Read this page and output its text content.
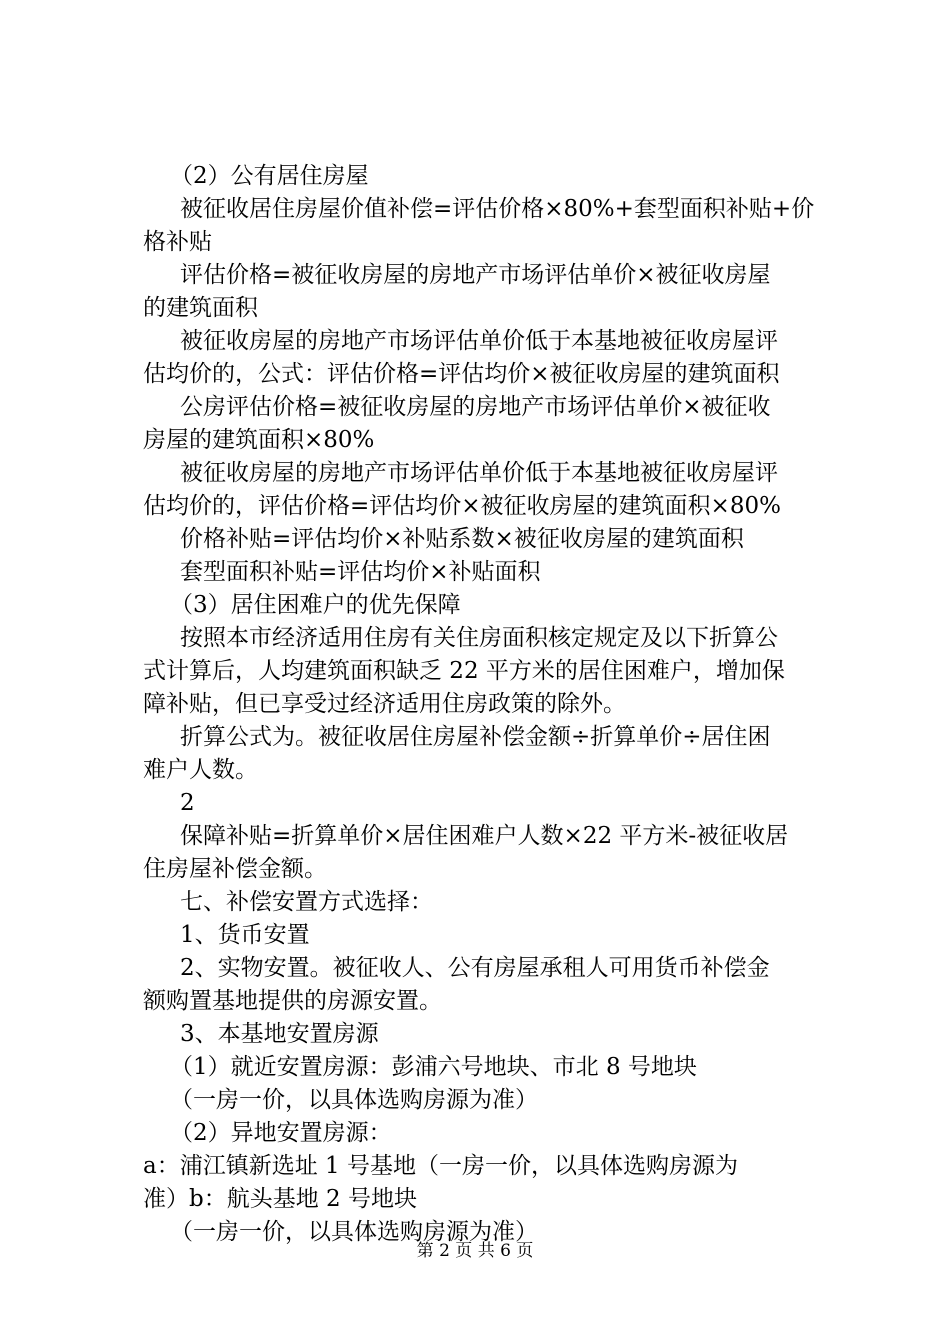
（2）公有居住房屋
被征收居住房屋价值补偿=评估价格×80%+套型面积补贴+价
格补贴
评估价格=被征收房屋的房地产市场评估单价×被征收房屋
的建筑面积
被征收房屋的房地产市场评估单价低于本基地被征收房屋评
估均价的，公式：评估价格=评估均价×被征收房屋的建筑面积
公房评估价格=被征收房屋的房地产市场评估单价×被征收
房屋的建筑面积×80%
被征收房屋的房地产市场评估单价低于本基地被征收房屋评
估均价的，评估价格=评估均价×被征收房屋的建筑面积×80%
价格补贴=评估均价×补贴系数×被征收房屋的建筑面积
套型面积补贴=评估均价×补贴面积
（3）居住困难户的优先保障
按照本市经济适用住房有关住房面积核定规定及以下折算公
式计算后，人均建筑面积缺乏 22 平方米的居住困难户，增加保
障补贴，但已享受过经济适用住房政策的除外。
折算公式为。被征收居住房屋补偿金额÷折算单价÷居住困
难户人数。
2
保障补贴=折算单价×居住困难户人数×22 平方米-被征收居
住房屋补偿金额。
七、补偿安置方式选择：
1、货币安置
2、实物安置。被征收人、公有房屋承租人可用货币补偿金
额购置基地提供的房源安置。
3、本基地安置房源
（1）就近安置房源：彭浦六号地块、市北 8 号地块
（一房一价，以具体选购房源为准）
（2）异地安置房源：
a：浦江镇新选址 1 号基地（一房一价，以具体选购房源为
准）b：航头基地 2 号地块
（一房一价，以具体选购房源为准）
第 2 页 共 6 页
